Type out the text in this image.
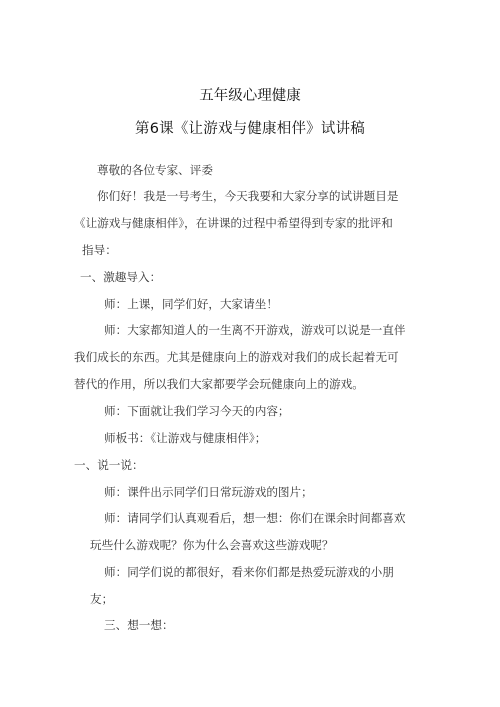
五年级心理健康
第6课《让游戏与健康相伴》试讲稿
尊敬的各位专家、评委
你们好！我是一号考生，今天我要和大家分享的试讲题目是
《让游戏与健康相伴》，在讲课的过程中希望得到专家的批评和
指导：
一、激趣导入：
师：上课，同学们好，大家请坐！
师：大家都知道人的一生离不开游戏，游戏可以说是一直伴
我们成长的东西。尤其是健康向上的游戏对我们的成长起着无可
替代的作用，所以我们大家都要学会玩健康向上的游戏。
师：下面就让我们学习今天的内容；
师板书：《让游戏与健康相伴》；
一、说一说：
师：课件出示同学们日常玩游戏的图片；
师：请同学们认真观看后，想一想：你们在课余时间都喜欢
玩些什么游戏呢？你为什么会喜欢这些游戏呢？
师：同学们说的都很好，看来你们都是热爱玩游戏的小朋
友；
三、想一想：
